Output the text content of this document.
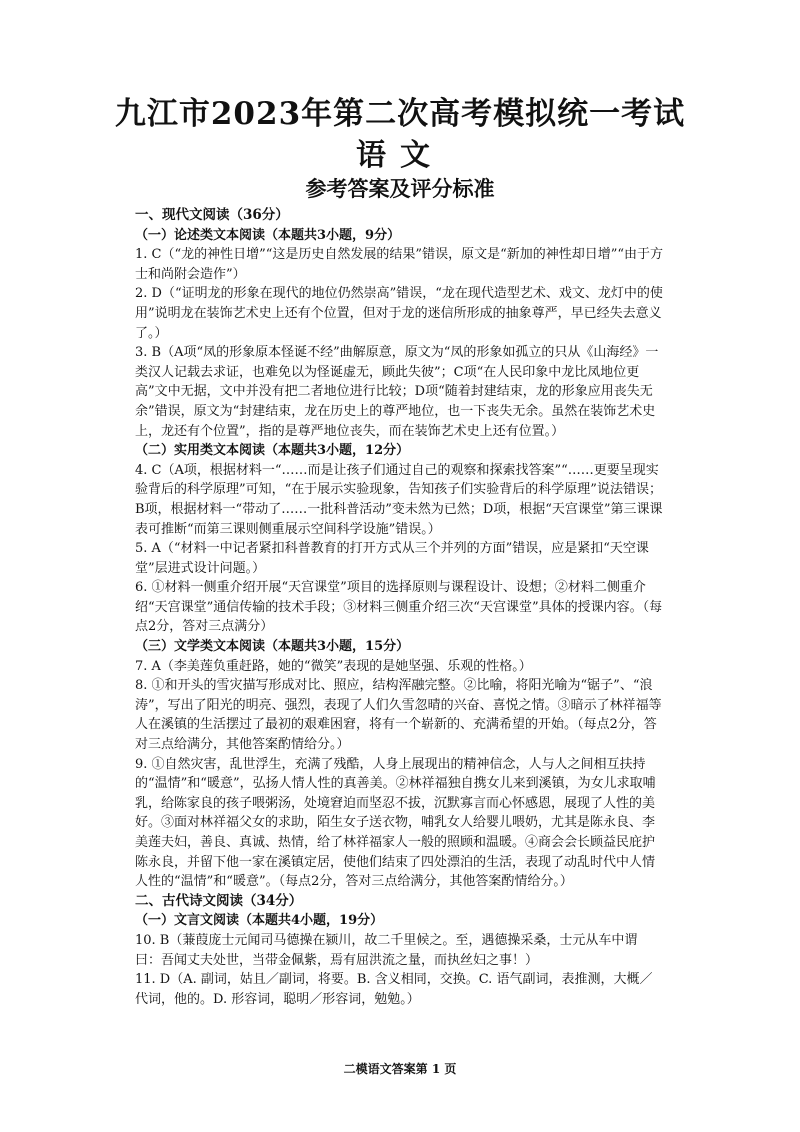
九江市2023年第二次高考模拟统一考试
语文
参考答案及评分标准

一、现代文阅读（36分）

（一）论述类文本阅读（本题共3小题，9分）

1. C（“龙的神性日增”“这是历史自然发展的结果”错误，原文是“新加的神性却日增”“由于方士和尚附会造作”）

2. D（“证明龙的形象在现代的地位仍然崇高”错误，“龙在现代造型艺术、戏文、龙灯中的使用”说明龙在装饰艺术史上还有个位置，但对于龙的迷信所形成的抽象尊严，早已经失去意义了。）

3. B（A项“凤的形象原本怪诞不经”曲解原意，原文为“凤的形象如孤立的只从《山海经》一类汉人记载去求证，也难免以为怪诞虚无，顾此失彼”；C项“在人民印象中龙比凤地位更高”文中无据，文中并没有把二者地位进行比较；D项“随着封建结束，龙的形象应用丧失无余”错误，原文为“封建结束，龙在历史上的尊严地位，也一下丧失无余。虽然在装饰艺术史上，龙还有个位置”，指的是尊严地位丧失，而在装饰艺术史上还有位置。）

（二）实用类文本阅读（本题共3小题，12分）

4. C（A项，根据材料一“……而是让孩子们通过自己的观察和探索找答案”“……更要呈现实验背后的科学原理”可知，“在于展示实验现象，告知孩子们实验背后的科学原理”说法错误；B项，根据材料一“带动了……一批科普活动”变未然为已然；D项，根据“天宫课堂”第三课课表可推断“而第三课则侧重展示空间科学设施”错误。）

5. A（“材料一中记者紧扣科普教育的打开方式从三个并列的方面”错误，应是紧扣“天空课堂”层进式设计问题。）

6. ①材料一侧重介绍开展“天宫课堂”项目的选择原则与课程设计、设想；②材料二侧重介绍“天宫课堂”通信传输的技术手段；③材料三侧重介绍三次“天宫课堂”具体的授课内容。（每点2分，答对三点满分）

（三）文学类文本阅读（本题共3小题，15分）

7. A（李美莲负重赶路，她的“微笑”表现的是她坚强、乐观的性格。）

8. ①和开头的雪灾描写形成对比、照应，结构浑融完整。②比喻，将阳光喻为“锯子”、“浪涛”，写出了阳光的明亮、强烈，表现了人们久雪忽晴的兴奋、喜悦之情。③暗示了林祥福等人在溪镇的生活摆过了最初的艰难困窘，将有一个崭新的、充满希望的开始。（每点2分，答对三点给满分，其他答案酌情给分。）

9. ①自然灾害，乱世浮生，充满了残酷，人身上展现出的精神信念，人与人之间相互扶持的“温情”和“暖意”，弘扬人情人性的真善美。②林祥福独自携女儿来到溪镇，为女儿求取哺乳，给陈家良的孩子喂粥汤，处境窘迫而坚忍不拔，沉默寡言而心怀感恩，展现了人性的美好。③面对林祥福父女的求助，陌生女子送衣物，哺乳女人给婴儿喂奶，尤其是陈永良、李美莲夫妇，善良、真诚、热情，给了林祥福家人一般的照顾和温暖。④商会会长顾益民庇护陈永良，并留下他一家在溪镇定居，使他们结束了四处漂泊的生活，表现了动乱时代中人情人性的“温情”和“暖意”。（每点2分，答对三点给满分，其他答案酌情给分。）

二、古代诗文阅读（34分）

（一）文言文阅读（本题共4小题，19分）

10. B（蒹葭庞士元闻司马德操在颍川，故二千里候之。至，遇德操采桑，士元从车中谓曰：吾闻丈夫处世，当带金佩紫，焉有屈洪流之量，而执丝妇之事！）

11. D（A. 副词，姑且／副词，将要。B. 含义相同，交换。C. 语气副词，表推测，大概／代词，他的。D. 形容词，聪明／形容词，勉勉。）

二模语文答案第 1 页
